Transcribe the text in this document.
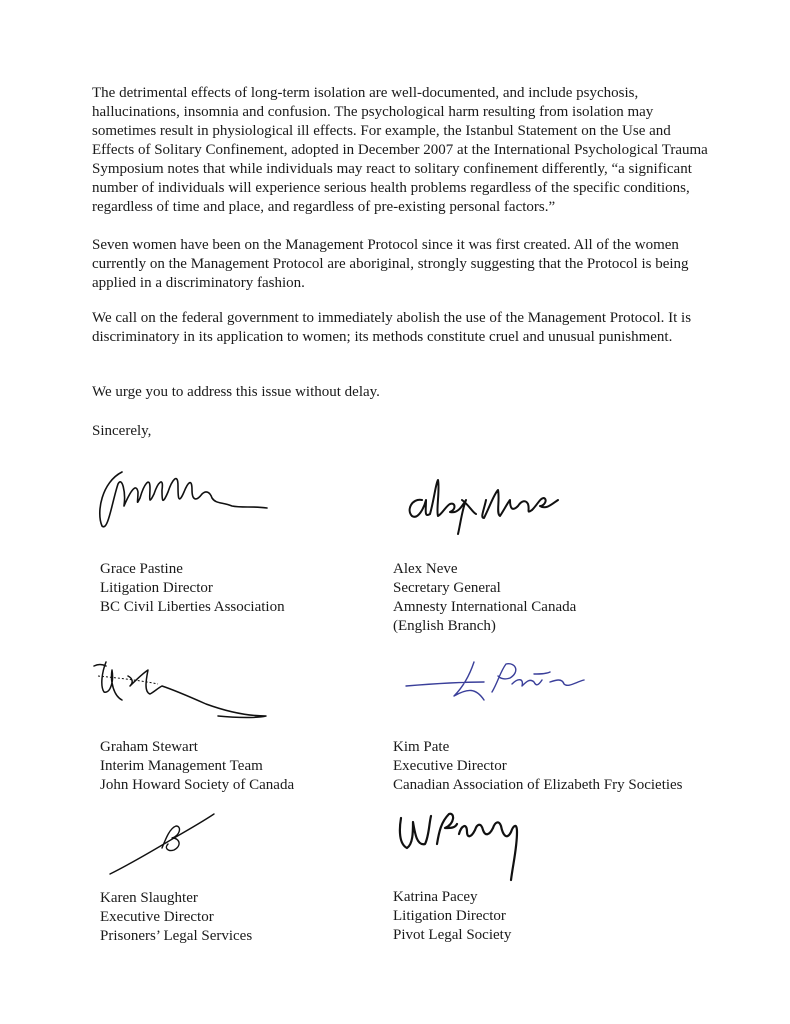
The detrimental effects of long-term isolation are well-documented, and include psychosis, hallucinations, insomnia and confusion. The psychological harm resulting from isolation may sometimes result in physiological ill effects. For example, the Istanbul Statement on the Use and Effects of Solitary Confinement, adopted in December 2007 at the International Psychological Trauma Symposium notes that while individuals may react to solitary confinement differently, “a significant number of individuals will experience serious health problems regardless of the specific conditions, regardless of time and place, and regardless of pre-existing personal factors.”

Seven women have been on the Management Protocol since it was first created. All of the women currently on the Management Protocol are aboriginal, strongly suggesting that the Protocol is being applied in a discriminatory fashion.

We call on the federal government to immediately abolish the use of the Management Protocol. It is discriminatory in its application to women; its methods constitute cruel and unusual punishment.

We urge you to address this issue without delay.

Sincerely,

Grace Pastine
Litigation Director
BC Civil Liberties Association
Alex Neve
Secretary General
Amnesty International Canada
(English Branch)
Graham Stewart
Interim Management Team
John Howard Society of Canada
Kim Pate
Executive Director
Canadian Association of Elizabeth Fry Societies
Karen Slaughter
Executive Director
Prisoners’ Legal Services
Katrina Pacey
Litigation Director
Pivot Legal Society
